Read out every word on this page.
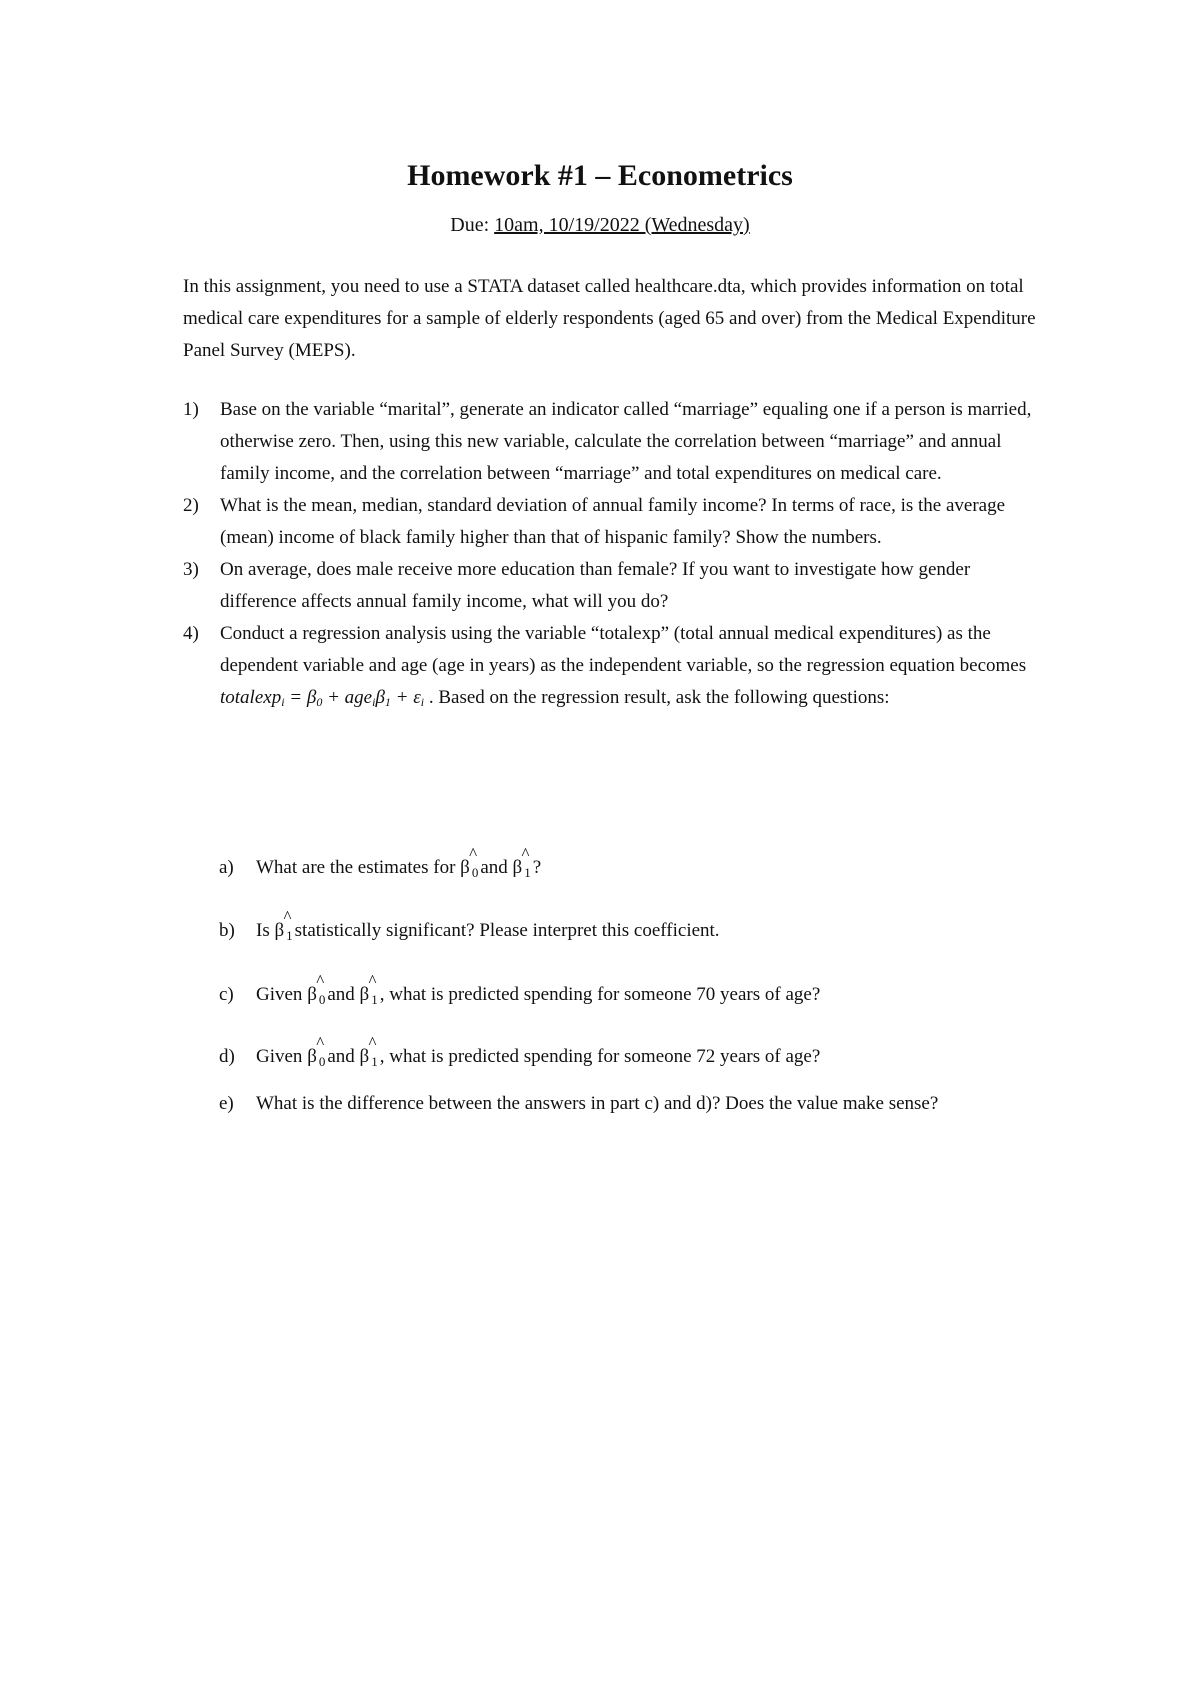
Homework #1 – Econometrics
Due: 10am, 10/19/2022 (Wednesday)
In this assignment, you need to use a STATA dataset called healthcare.dta, which provides information on total medical care expenditures for a sample of elderly respondents (aged 65 and over) from the Medical Expenditure Panel Survey (MEPS).
1) Base on the variable “marital”, generate an indicator called “marriage” equaling one if a person is married, otherwise zero. Then, using this new variable, calculate the correlation between “marriage” and annual family income, and the correlation between “marriage” and total expenditures on medical care.
2) What is the mean, median, standard deviation of annual family income? In terms of race, is the average (mean) income of black family higher than that of hispanic family? Show the numbers.
3) On average, does male receive more education than female? If you want to investigate how gender difference affects annual family income, what will you do?
4) Conduct a regression analysis using the variable “totalexp” (total annual medical expenditures) as the dependent variable and age (age in years) as the independent variable, so the regression equation becomes totalexp$_i$ = $\beta_0 + age_i\beta_1 + \varepsilon_i$ . Based on the regression result, ask the following questions:
a)	What are the estimates for β
^
$_0$ and β
^
$_1$ ?
b)	Is β
^
$_1$ statistically significant? Please interpret this coefficient.
c)	Given β
^
$_0$ and β
^
$_1$ , what is predicted spending for someone 70 years of age?
d)	Given β
^
$_0$ and β
^
$_1$ , what is predicted spending for someone 72 years of age?
e)	What is the difference between the answers in part c) and d)? Does the value make sense?
